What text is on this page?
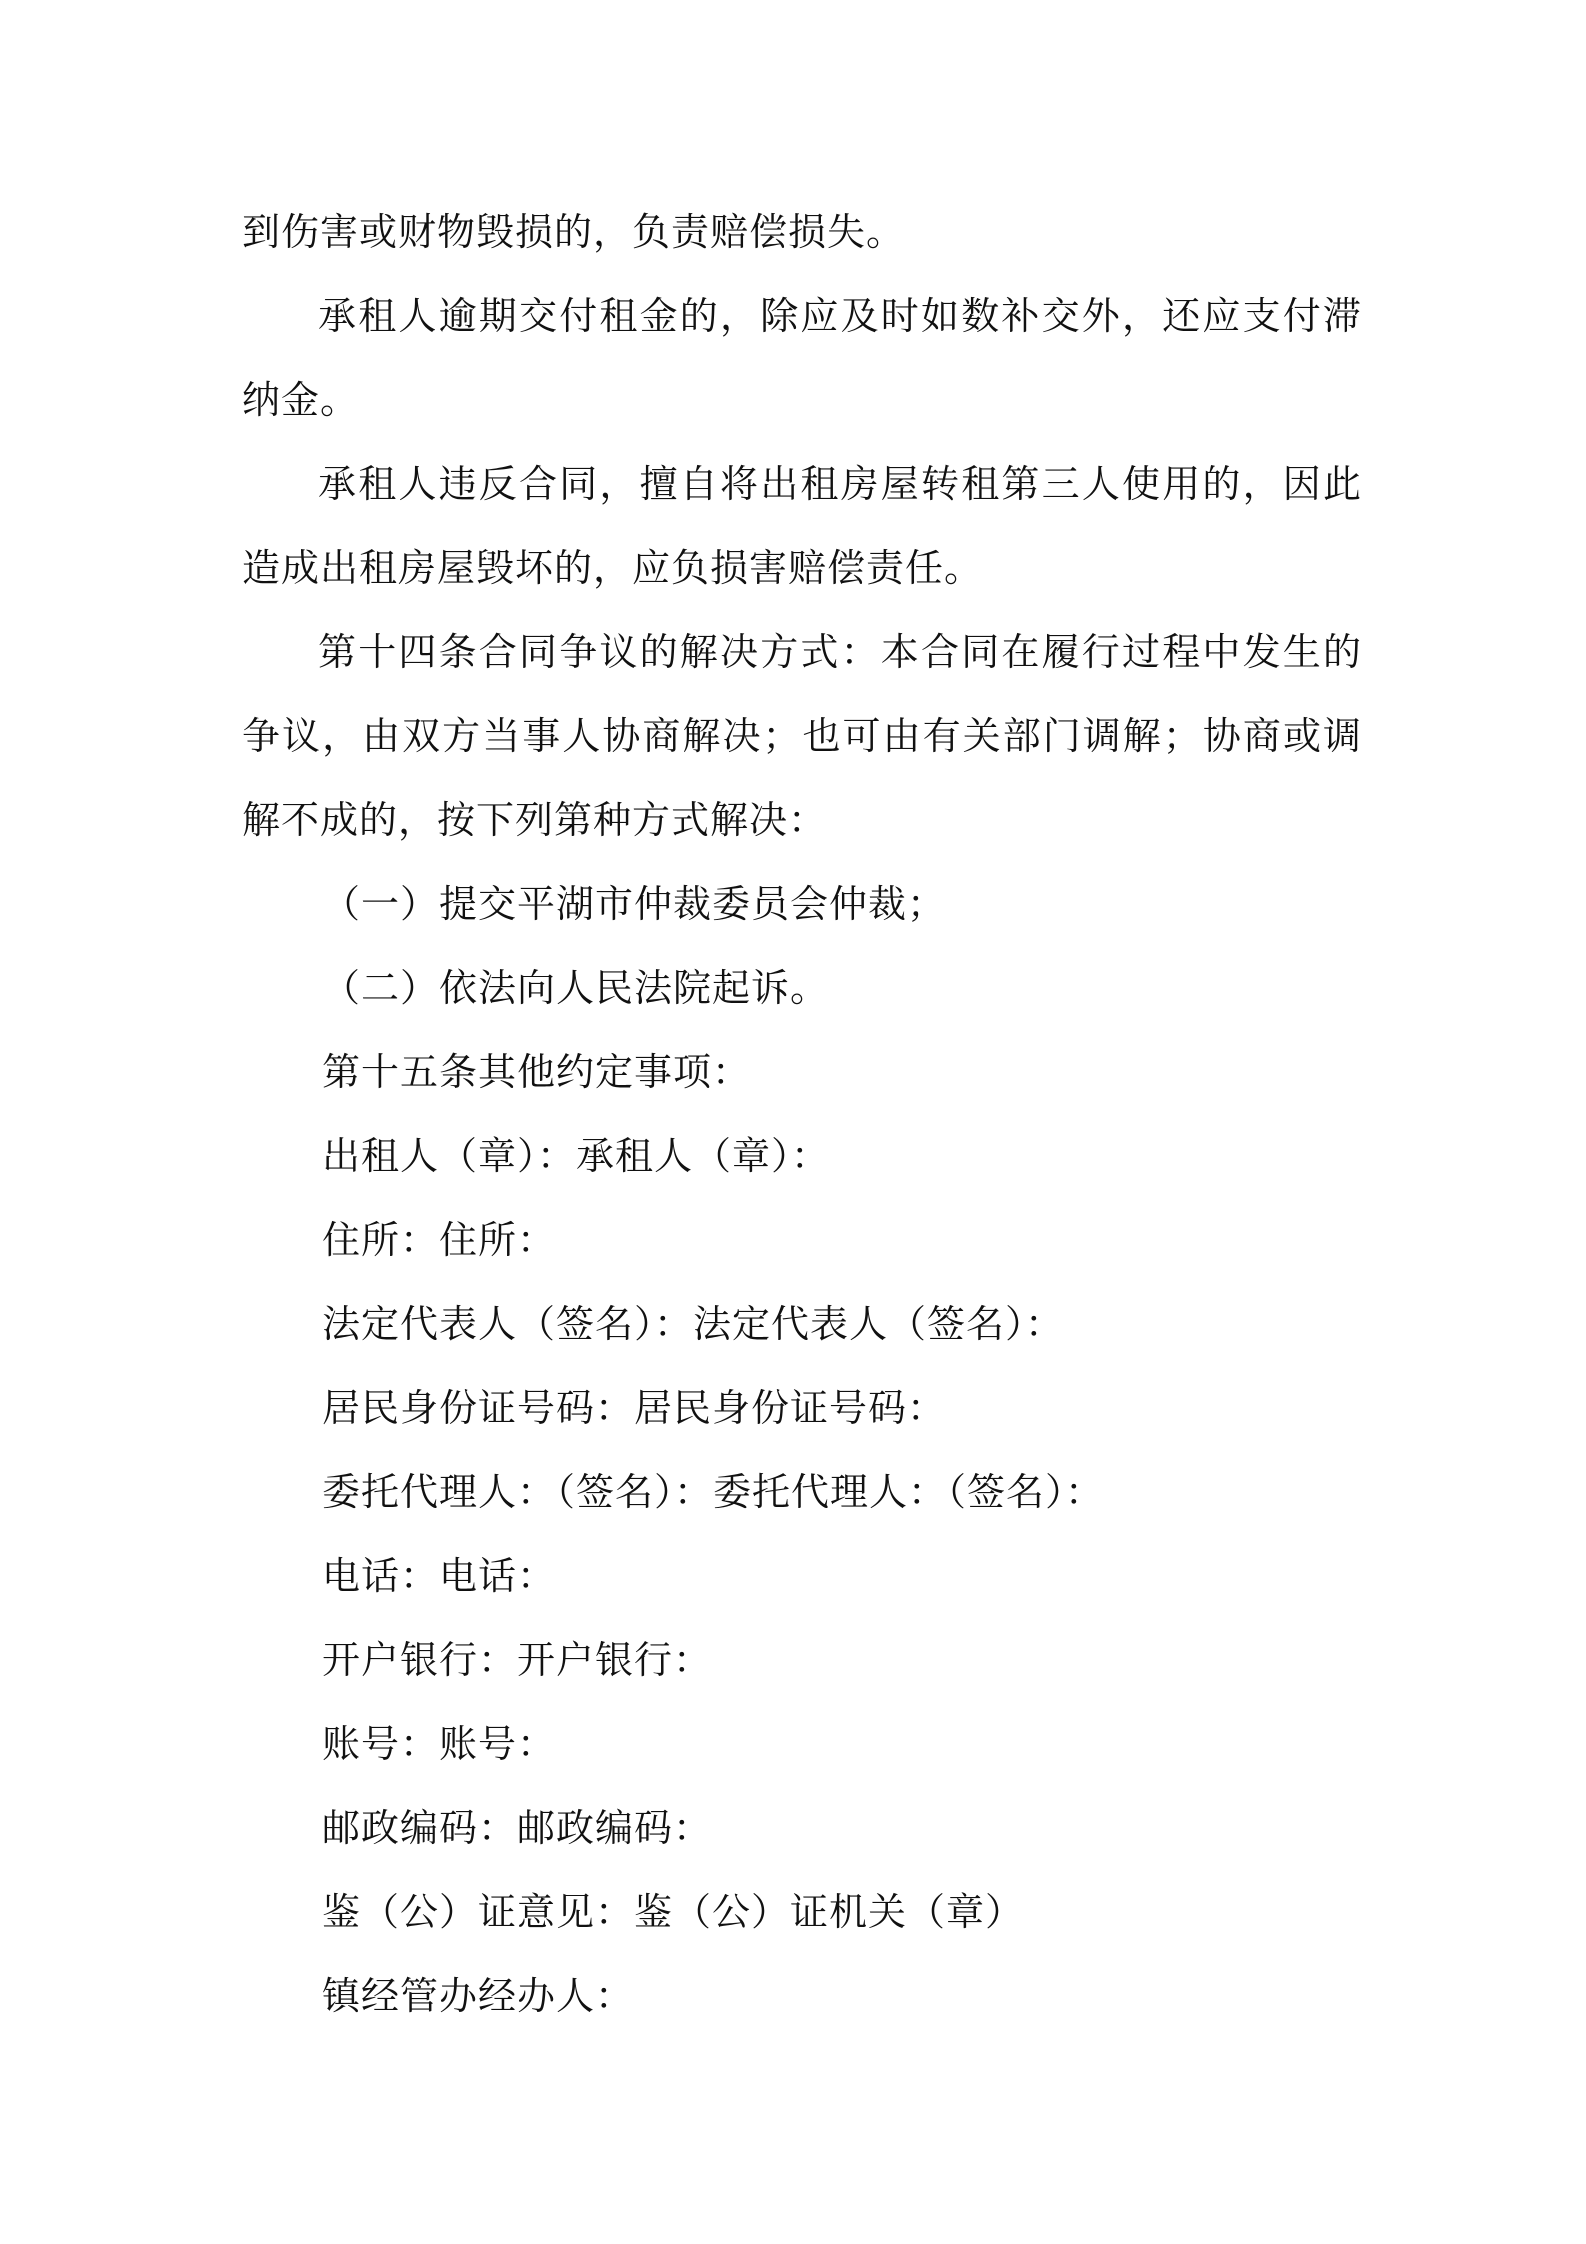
到伤害或财物毁损的，负责赔偿损失。

承租人逾期交付租金的，除应及时如数补交外，还应支付滞纳金。

承租人违反合同，擅自将出租房屋转租第三人使用的，因此造成出租房屋毁坏的，应负损害赔偿责任。

第十四条合同争议的解决方式：本合同在履行过程中发生的争议，由双方当事人协商解决；也可由有关部门调解；协商或调解不成的，按下列第种方式解决：

（一）提交平湖市仲裁委员会仲裁；

（二）依法向人民法院起诉。

第十五条其他约定事项：

出租人（章）：承租人（章）：

住所：住所：

法定代表人（签名）：法定代表人（签名）：

居民身份证号码：居民身份证号码：

委托代理人：（签名）：委托代理人：（签名）：

电话：电话：

开户银行：开户银行：

账号：账号：

邮政编码：邮政编码：

鉴（公）证意见：鉴（公）证机关（章）

镇经管办经办人：
